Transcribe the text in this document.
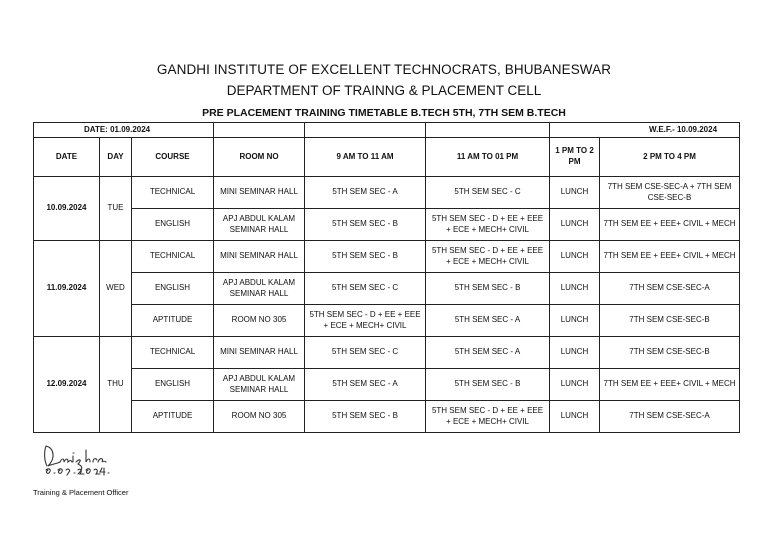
GANDHI INSTITUTE OF EXCELLENT TECHNOCRATS, BHUBANESWAR
DEPARTMENT OF TRAINNG & PLACEMENT CELL
PRE PLACEMENT TRAINING TIMETABLE B.TECH 5TH, 7TH SEM B.TECH
DATE: 01.09.2024						W.E.F.- 10.09.2024	
DATE	DAY	COURSE	ROOM NO	9 AM TO 11 AM	11 AM TO 01 PM	1 PM TO 2 PM	2 PM TO 4 PM
10.09.2024	TUE	TECHNICAL	MINI SEMINAR HALL	5TH SEM SEC - A	5TH SEM SEC - C	LUNCH	7TH SEM CSE-SEC-A + 7TH SEM CSE-SEC-B
		ENGLISH	APJ ABDUL KALAM SEMINAR HALL	5TH SEM SEC - B	5TH SEM SEC - D + EE + EEE + ECE + MECH+ CIVIL	LUNCH	7TH SEM EE + EEE+ CIVIL + MECH
11.09.2024	WED	TECHNICAL	MINI SEMINAR HALL	5TH SEM SEC - B	5TH SEM SEC - D + EE + EEE + ECE + MECH+ CIVIL	LUNCH	7TH SEM EE + EEE+ CIVIL + MECH
		ENGLISH	APJ ABDUL KALAM SEMINAR HALL	5TH SEM SEC - C	5TH SEM SEC - B	LUNCH	7TH SEM CSE-SEC-A
		APTITUDE	ROOM NO 305	5TH SEM SEC - D + EE + EEE + ECE + MECH+ CIVIL	5TH SEM SEC - A	LUNCH	7TH SEM CSE-SEC-B
12.09.2024	THU	TECHNICAL	MINI SEMINAR HALL	5TH SEM SEC - C	5TH SEM SEC - A	LUNCH	7TH SEM CSE-SEC-B
		ENGLISH	APJ ABDUL KALAM SEMINAR HALL	5TH SEM SEC - A	5TH SEM SEC - B	LUNCH	7TH SEM EE + EEE+ CIVIL + MECH
		APTITUDE	ROOM NO 305	5TH SEM SEC - B	5TH SEM SEC - D + EE + EEE + ECE + MECH+ CIVIL	LUNCH	7TH SEM CSE-SEC-A
Training & Placement Officer
